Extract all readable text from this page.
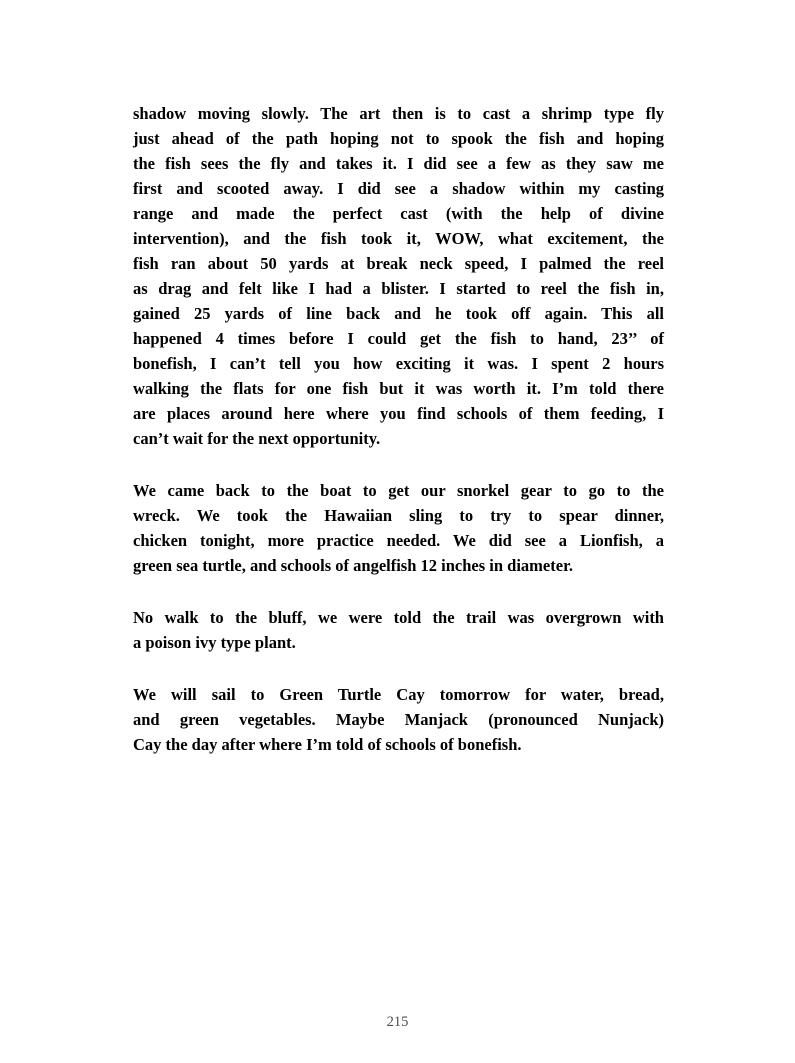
shadow moving slowly. The art then is to cast a shrimp type fly
just ahead of the path hoping not to spook the fish and hoping
the fish sees the fly and takes it. I did see a few as they saw me
first and scooted away. I did see a shadow within my casting
range and made the perfect cast (with the help of divine
intervention), and the fish took it, WOW, what excitement, the
fish ran about 50 yards at break neck speed, I palmed the reel
as drag and felt like I had a blister. I started to reel the fish in,
gained 25 yards of line back and he took off again. This all
happened 4 times before I could get the fish to hand, 23’’ of
bonefish, I can’t tell you how exciting it was. I spent 2 hours
walking the flats for one fish but it was worth it. I’m told there
are places around here where you find schools of them feeding, I
can’t wait for the next opportunity.
We came back to the boat to get our snorkel gear to go to the
wreck. We took the Hawaiian sling to try to spear dinner,
chicken tonight, more practice needed. We did see a Lionfish, a
green sea turtle, and schools of angelfish 12 inches in diameter.
No walk to the bluff, we were told the trail was overgrown with
a poison ivy type plant.
We will sail to Green Turtle Cay tomorrow for water, bread,
and green vegetables. Maybe Manjack (pronounced Nunjack)
Cay the day after where I’m told of schools of bonefish.
215
